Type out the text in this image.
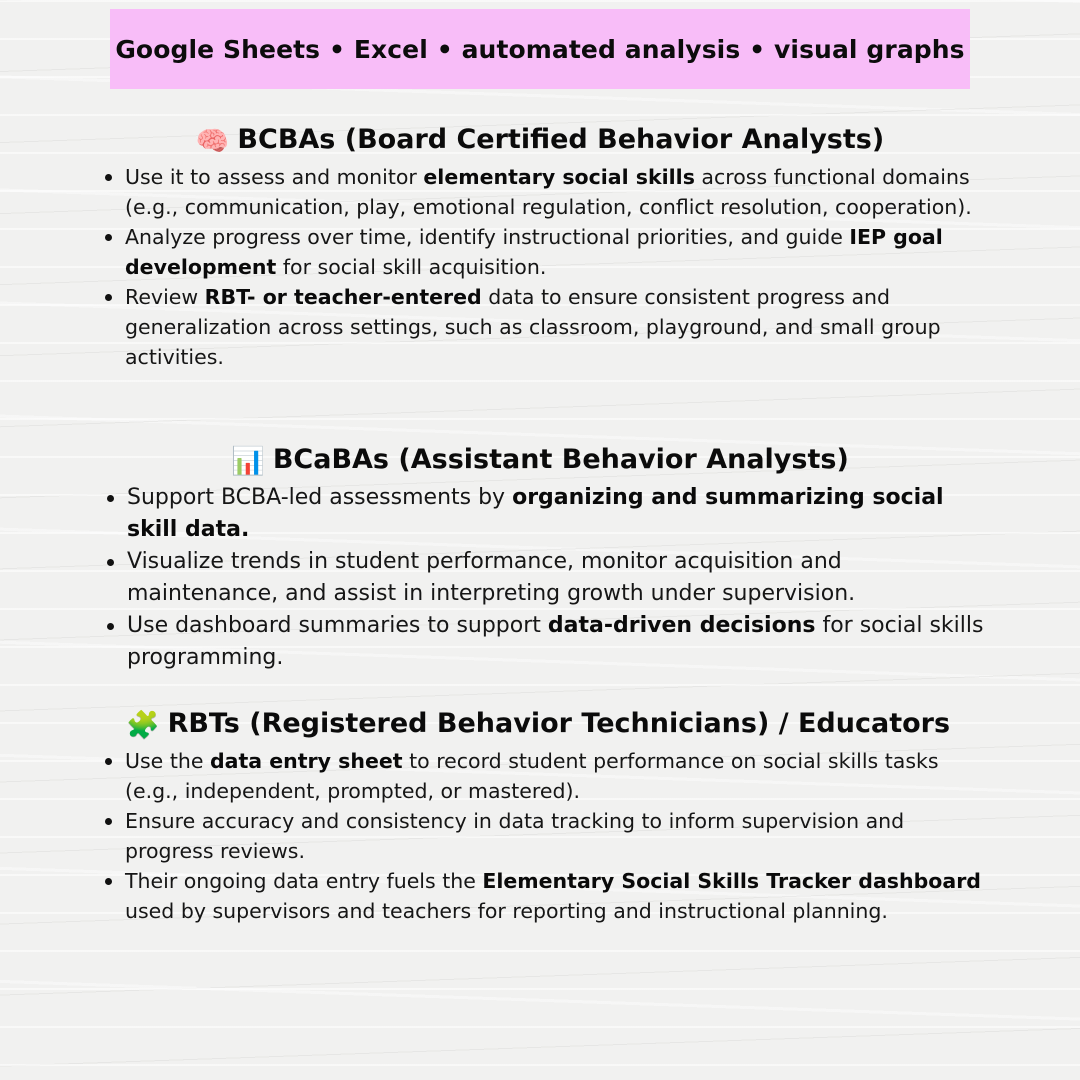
Google Sheets • Excel • automated analysis • visual graphs
🧠 BCBAs (Board Certified Behavior Analysts)
Use it to assess and monitor elementary social skills across functional domains (e.g., communication, play, emotional regulation, conflict resolution, cooperation).
Analyze progress over time, identify instructional priorities, and guide IEP goal development for social skill acquisition.
Review RBT- or teacher-entered data to ensure consistent progress and generalization across settings, such as classroom, playground, and small group activities.
📊 BCaBAs (Assistant Behavior Analysts)
Support BCBA-led assessments by organizing and summarizing social skill data.
Visualize trends in student performance, monitor acquisition and maintenance, and assist in interpreting growth under supervision.
Use dashboard summaries to support data-driven decisions for social skills programming.
🧩 RBTs (Registered Behavior Technicians) / Educators
Use the data entry sheet to record student performance on social skills tasks (e.g., independent, prompted, or mastered).
Ensure accuracy and consistency in data tracking to inform supervision and progress reviews.
Their ongoing data entry fuels the Elementary Social Skills Tracker dashboard used by supervisors and teachers for reporting and instructional planning.
